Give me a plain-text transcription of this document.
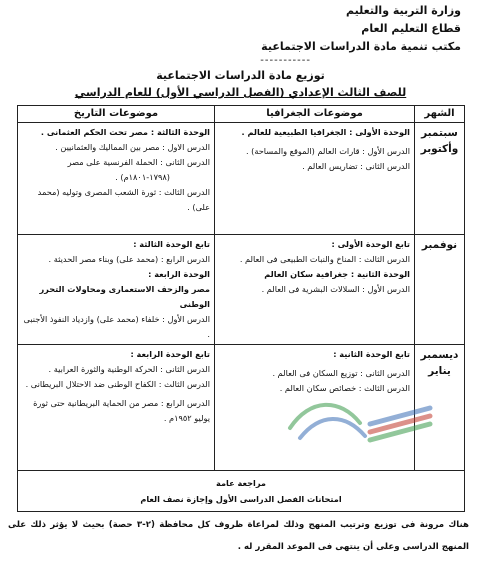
وزارة التربية والتعليم
قطاع التعليم العام
مكتب تنمية مادة الدراسات الاجتماعية
-----------
توزيع مادة الدراسات الاجتماعية
للصف الثالث الإعدادي (الفصل الدراسي الأول) للعام الدراسي
الشهر	موضوعات الجغرافيا	موضوعات التاريخ
سبتمبر وأكتوبر	الوحدة الأولى : الجغرافيا الطبيعية للعالم .
الدرس الأول : قارات العالم (الموقع والمساحة) .
الدرس الثانى : تضاريس العالم .	الوحدة الثالثة : مصر تحت الحكم العثمانى .
الدرس الاول : مصر بين المماليك والعثمانيين .
الدرس الثانى : الحملة الفرنسية على مصر
(١٧٩٨-١٨٠١م) .
الدرس الثالث : ثورة الشعب المصرى وتوليه (محمد على) .

نوفمبر	تابع الوحدة الأولى :
الدرس الثالث : المناخ والنبات الطبيعى فى العالم .
الوحدة الثانية : جغرافية سكان العالم
الدرس الأول : السلالات البشرية فى العالم .	تابع الوحدة الثالثة :
الدرس الرابع : (محمد على) وبناء مصر الحديثة .
الوحدة الرابعة :
مصر والزحف الاستعمارى ومحاولات التحرر الوطنى
الدرس الأول : خلفاء (محمد على) وازدياد النفوذ الأجنبى .

ديسمبر يناير	تابع الوحدة الثانية :
الدرس الثانى : توزيع السكان فى العالم .
الدرس الثالث : خصائص سكان العالم .	تابع الوحدة الرابعة :
الدرس الثانى : الحركة الوطنية والثورة العرابية .
الدرس الثالث : الكفاح الوطنى ضد الاحتلال البريطانى .
الدرس الرابع : مصر من الحماية البريطانية حتى ثورة يوليو ١٩٥٢م .

مراجعة عامة
امتحانات الفصل الدراسى الأول وإجازة نصف العام		
هناك مرونة فى توزيع وترتيب المنهج وذلك لمراعاة ظروف كل محافظة (٢-٣ حصة) بحيث لا يؤثر ذلك على المنهج الدراسى وعلى أن ينتهى فى الموعد المقرر له .
